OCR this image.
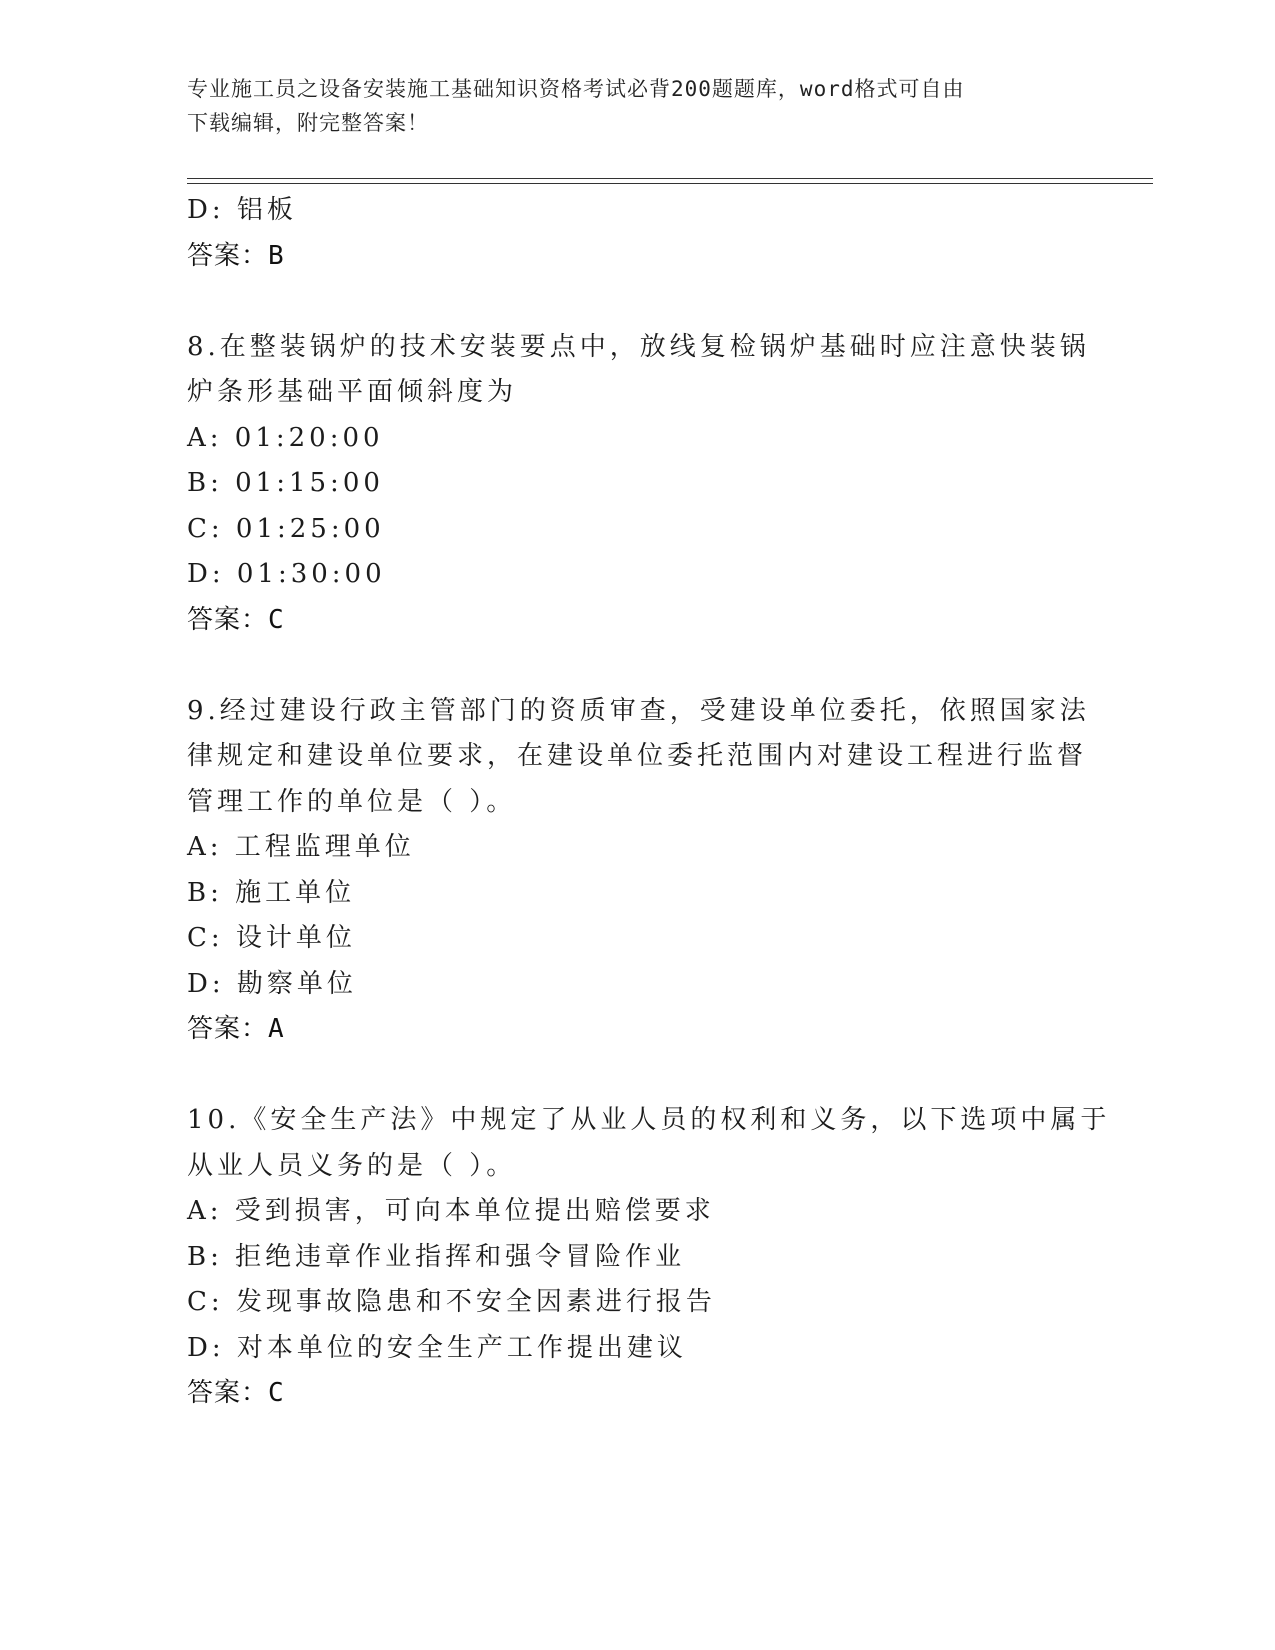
专业施工员之设备安装施工基础知识资格考试必背200题题库，word格式可自由
下载编辑，附完整答案！
D: 铝板
答案：B
8.在整装锅炉的技术安装要点中，放线复检锅炉基础时应注意快装锅
炉条形基础平面倾斜度为
A: 01:20:00
B: 01:15:00
C: 01:25:00
D: 01:30:00
答案：C
9.经过建设行政主管部门的资质审查，受建设单位委托，依照国家法
律规定和建设单位要求，在建设单位委托范围内对建设工程进行监督
管理工作的单位是（ ）。
A: 工程监理单位
B: 施工单位
C: 设计单位
D: 勘察单位
答案：A
10.《安全生产法》中规定了从业人员的权利和义务，以下选项中属于
从业人员义务的是（ ）。
A: 受到损害，可向本单位提出赔偿要求
B: 拒绝违章作业指挥和强令冒险作业
C: 发现事故隐患和不安全因素进行报告
D: 对本单位的安全生产工作提出建议
答案：C
